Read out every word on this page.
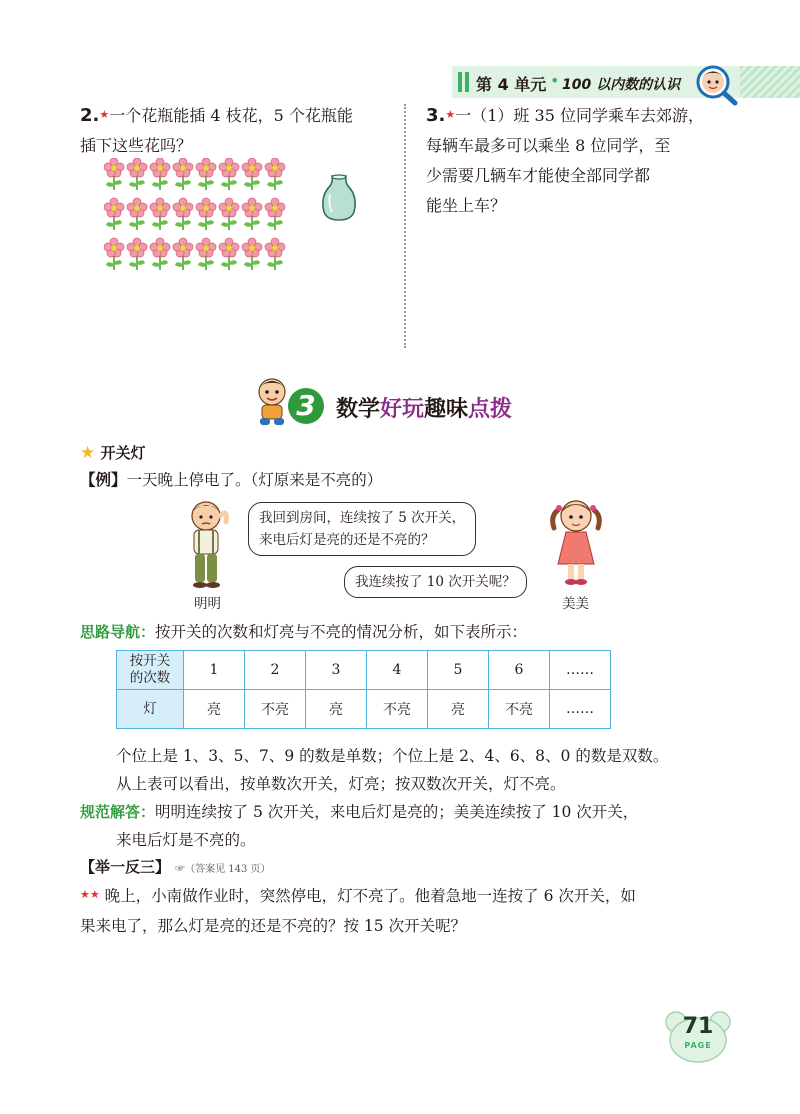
第 4 单元 • 100 以内数的认识
2.★一个花瓶能插 4 枝花，5 个花瓶能
插下这些花吗？
3.★一（1）班 35 位同学乘车去郊游，
每辆车最多可以乘坐 8 位同学，至
少需要几辆车才能使全部同学都
能坐上车？
3 数学好玩趣味点拨
★ 开关灯
【例】一天晚上停电了。（灯原来是不亮的）
明明
我回到房间，连续按了 5 次开关，
来电后灯是亮的还是不亮的？
我连续按了 10 次开关呢？
美美
思路导航：按开关的次数和灯亮与不亮的情况分析，如下表所示：
按开关
的次数	1	2	3	4	5	6	……
灯	亮	不亮	亮	不亮	亮	不亮	……
个位上是 1、3、5、7、9 的数是单数；个位上是 2、4、6、8、0 的数是双数。
从上表可以看出，按单数次开关，灯亮；按双数次开关，灯不亮。
规范解答：明明连续按了 5 次开关，来电后灯是亮的；美美连续按了 10 次开关，
来电后灯是不亮的。
【举一反三】 ☞（答案见 143 页）
★★ 晚上，小南做作业时，突然停电，灯不亮了。他着急地一连按了 6 次开关，如
果来电了，那么灯是亮的还是不亮的？按 15 次开关呢？
71
PAGE
